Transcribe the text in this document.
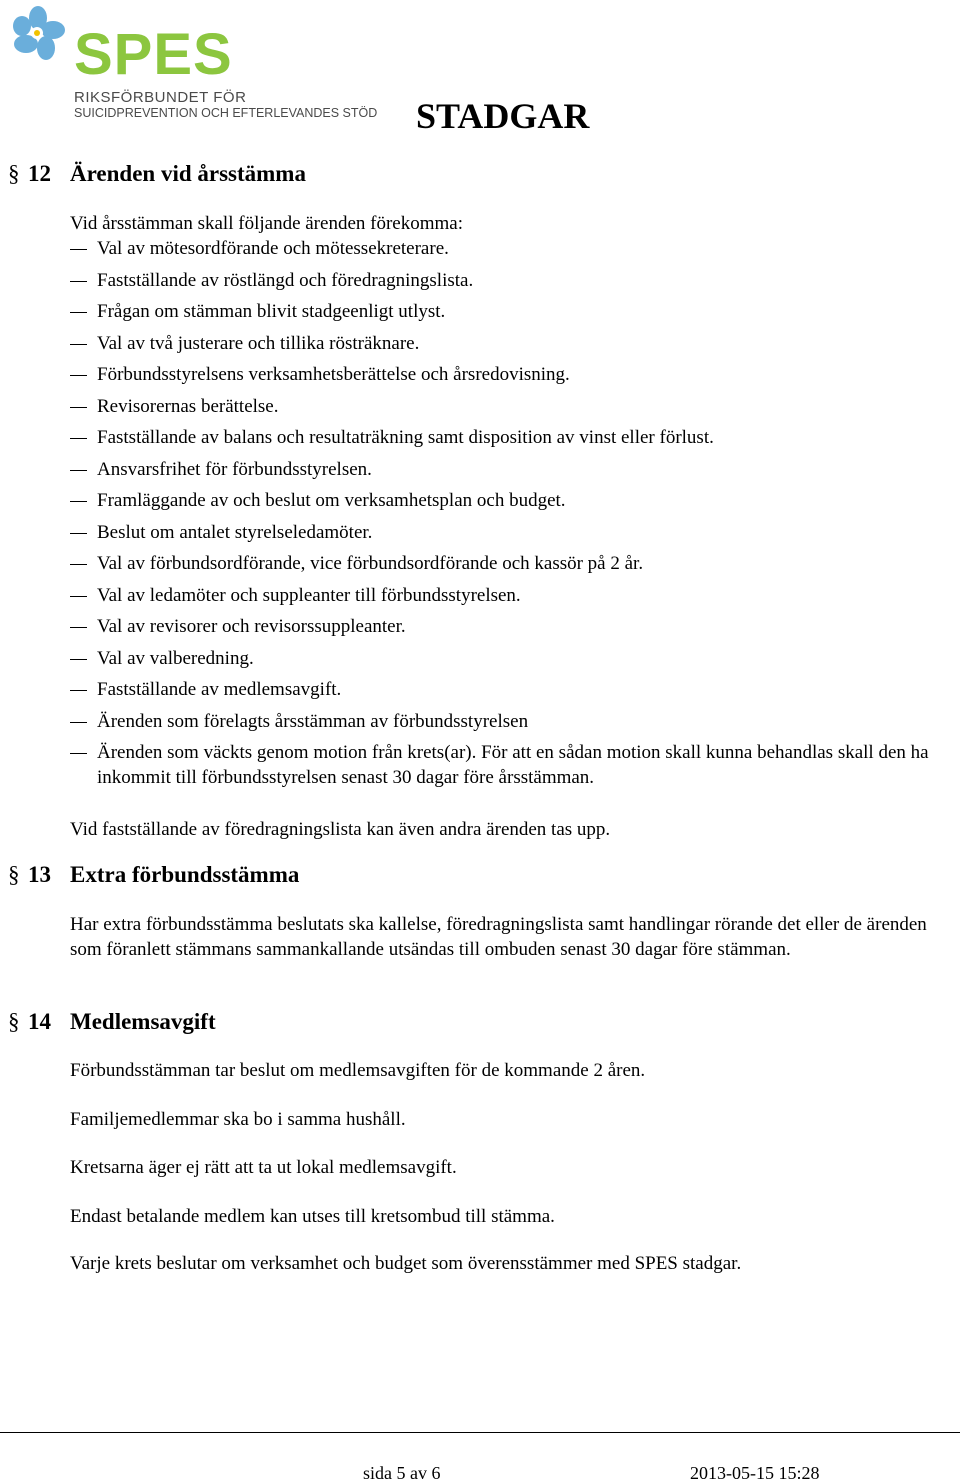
SPES
RIKSFÖRBUNDET FÖR
SUICIDPREVENTION OCH EFTERLEVANDES STÖD STADGAR
§ 12 Ärenden vid årsstämma
Vid årsstämman skall följande ärenden förekomma:
Val av mötesordförande och mötessekreterare.
Fastställande av röstlängd och föredragningslista.
Frågan om stämman blivit stadgeenligt utlyst.
Val av två justerare och tillika rösträknare.
Förbundsstyrelsens verksamhetsberättelse och årsredovisning.
Revisorernas berättelse.
Fastställande av balans och resultaträkning samt disposition av vinst eller förlust.
Ansvarsfrihet för förbundsstyrelsen.
Framläggande av och beslut om verksamhetsplan och budget.
Beslut om antalet styrelseledamöter.
Val av förbundsordförande, vice förbundsordförande och kassör på 2 år.
Val av ledamöter och suppleanter till förbundsstyrelsen.
Val av revisorer och revisorssuppleanter.
Val av valberedning.
Fastställande av medlemsavgift.
Ärenden som förelagts årsstämman av förbundsstyrelsen
Ärenden som väckts genom motion från krets(ar). För att en sådan motion skall kunna behandlas skall den ha inkommit till förbundsstyrelsen senast 30 dagar före årsstämman.
Vid fastställande av föredragningslista kan även andra ärenden tas upp.
§ 13 Extra förbundsstämma
Har extra förbundsstämma beslutats ska kallelse, föredragningslista samt handlingar rörande det eller de ärenden som föranlett stämmans sammankallande utsändas till ombuden senast 30 dagar före stämman.
§ 14 Medlemsavgift
Förbundsstämman tar beslut om medlemsavgiften för de kommande 2 åren.
Familjemedlemmar ska bo i samma hushåll.
Kretsarna äger ej rätt att ta ut lokal medlemsavgift.
Endast betalande medlem kan utses till kretsombud till stämma.
Varje krets beslutar om verksamhet och budget som överensstämmer med SPES stadgar.
sida 5 av 6	2013-05-15 15:28
